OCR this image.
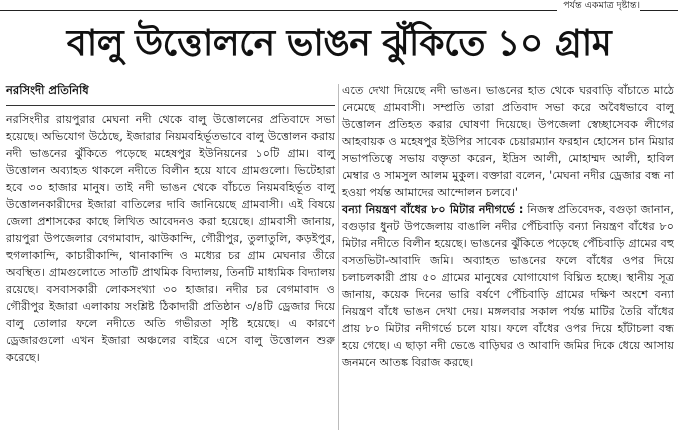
পর্যন্ত একমাত্র দৃষ্টান্ত।
বালু উত্তোলনে ভাঙন ঝুঁকিতে ১০ গ্রাম
নরসিংদী প্রতিনিধি

নরসিংদীর রায়পুরার মেঘনা নদী থেকে বালু উত্তোলনের প্রতিবাদে সভা হয়েছে। অভিযোগ উঠেছে, ইজারার নিয়মবহির্ভূতভাবে বালু উত্তোলন করায় নদী ভাঙনের ঝুঁকিতে পড়েছে মহেষপুর ইউনিয়নের ১০টি গ্রাম। বালু উত্তোলন অব্যাহত থাকলে নদীতে বিলীন হয়ে যাবে গ্রামগুলো। ভিটেহারা হবে ৩০ হাজার মানুষ। তাই নদী ভাঙন থেকে বাঁচতে নিয়মবহির্ভূত বালু উত্তোলনকারীদের ইজারা বাতিলের দাবি জানিয়েছে গ্রামবাসী। এই বিষয়ে জেলা প্রশাসকের কাছে লিখিত আবেদনও করা হয়েছে। গ্রামবাসী জানায়, রায়পুরা উপজেলার বেগমাবাদ, ঝাউকান্দি, গৌরীপুর, তুলাতুলি, কড়ইপুর, হুগলাকান্দি, কাচারীকান্দি, থানাকান্দি ও মধ্যের চর গ্রাম মেঘনার তীরে অবস্থিত। গ্রামগুলোতে সাতটি প্রাথমিক বিদ্যালয়, তিনটি মাধ্যমিক বিদ্যালয় রয়েছে। বসবাসকারী লোকসংখ্যা ৩০ হাজার। নদীর চর বেগমাবাদ ও গৌরীপুর ইজারা এলাকায় সংশ্লিষ্ট ঠিকাদারী প্রতিষ্ঠান ৩/৪টি ড্রেজার দিয়ে বালু তোলার ফলে নদীতে অতি গভীরতা সৃষ্টি হয়েছে। এ কারণে ড্রেজারগুলো এখন ইজারা অঞ্চলের বাইরে এসে বালু উত্তোলন শুরু করেছে।

এতে দেখা দিয়েছে নদী ভাঙন। ভাঙনের হাত থেকে ঘরবাড়ি বাঁচাতে মাঠে নেমেছে গ্রামবাসী। সম্প্রতি তারা প্রতিবাদ সভা করে অবৈধভাবে বালু উত্তোলন প্রতিহত করার ঘোষণা দিয়েছে। উপজেলা স্বেচ্ছাসেবক লীগের আহবায়ক ও মহেষপুর ইউপির সাবেক চেয়ারম্যান ফরহান হোসেন চান মিয়ার সভাপতিত্বে সভায় বক্তৃতা করেন, ইদ্রিস আলী, মোহাম্মদ আলী, হাবিল মেম্বার ও সামসুল আলম মুকুল। বক্তারা বলেন, 'মেঘনা নদীর ড্রেজার বন্ধ না হওয়া পর্যন্ত আমাদের আন্দোলন চলবে।'

বন্যা নিয়ন্ত্রণ বাঁধের ৮০ মিটার নদীগর্ভে : নিজস্ব প্রতিবেদক, বগুড়া জানান, বগুড়ার ধুনট উপজেলায় বাঙালি নদীর পেঁচিবাড়ি বন্যা নিয়ন্ত্রণ বাঁধের ৮০ মিটার নদীতে বিলীন হয়েছে। ভাঙনের ঝুঁকিতে পড়েছে পেঁচিবাড়ি গ্রামের বহু বসতভিটা-আবাদি জমি। অব্যাহত ভাঙনের ফলে বাঁধের ওপর দিয়ে চলাচলকারী প্রায় ৫০ গ্রামের মানুষের যোগাযোগ বিঘ্নিত হচ্ছে। স্থানীয় সূত্র জানায়, কয়েক দিনের ভারি বর্ষণে পেঁচিবাড়ি গ্রামের দক্ষিণ অংশে বন্যা নিয়ন্ত্রণ বাঁধে ভাঙন দেখা দেয়। মঙ্গলবার সকাল পর্যন্ত মাটির তৈরি বাঁধের প্রায় ৮০ মিটার নদীগর্ভে চলে যায়। ফলে বাঁধের ওপর দিয়ে হাঁটাচলা বন্ধ হয়ে গেছে। এ ছাড়া নদী ভেঙে বাড়িঘর ও আবাদি জমির দিকে ধেয়ে আসায় জনমনে আতঙ্ক বিরাজ করছে।
